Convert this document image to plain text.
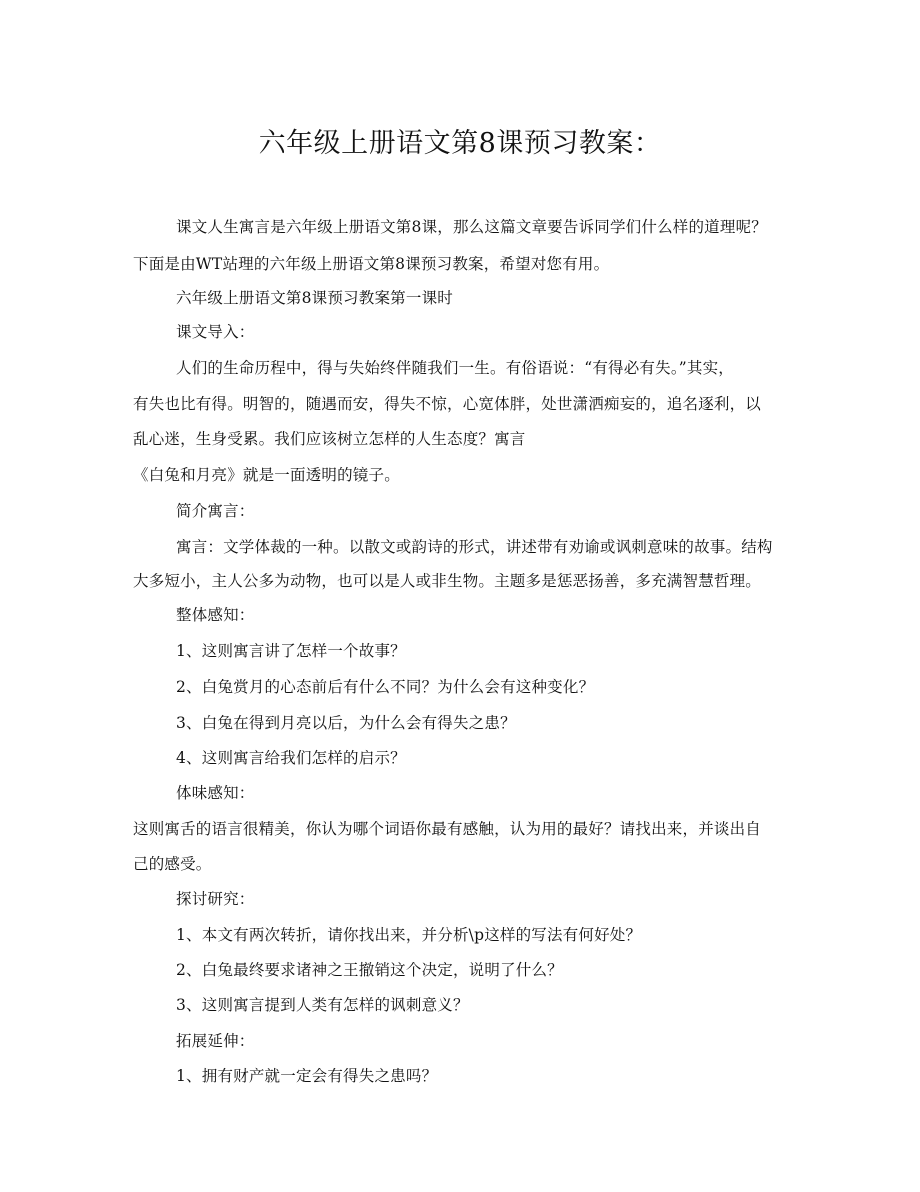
六年级上册语文第8课预习教案：
课文人生寓言是六年级上册语文第8课，那么这篇文章要告诉同学们什么样的道理呢？
下面是由WT站理的六年级上册语文第8课预习教案，希望对您有用。
六年级上册语文第8课预习教案第一课时
课文导入：
人们的生命历程中，得与失始终伴随我们一生。有俗语说：“有得必有失。”其实，
有失也比有得。明智的，随遇而安，得失不惊，心宽体胖，处世潇洒痴妄的，追名逐利，以
乱心迷，生身受累。我们应该树立怎样的人生态度？寓言
《白兔和月亮》就是一面透明的镜子。
简介寓言：
寓言：文学体裁的一种。以散文或韵诗的形式，讲述带有劝谕或讽刺意味的故事。结构
大多短小，主人公多为动物，也可以是人或非生物。主题多是惩恶扬善，多充满智慧哲理。
整体感知：
1、这则寓言讲了怎样一个故事？
2、白兔赏月的心态前后有什么不同？为什么会有这种变化？
3、白兔在得到月亮以后，为什么会有得失之患？
4、这则寓言给我们怎样的启示？
体味感知：
这则寓舌的语言很精美，你认为哪个词语你最有感触，认为用的最好？请找出来，并谈出自
己的感受。
探讨研究：
1、本文有两次转折，请你找出来，并分析\p这样的写法有何好处？
2、白兔最终要求诸神之王撤销这个决定，说明了什么？
3、这则寓言提到人类有怎样的讽刺意义？
拓展延伸：
1、拥有财产就一定会有得失之患吗？
